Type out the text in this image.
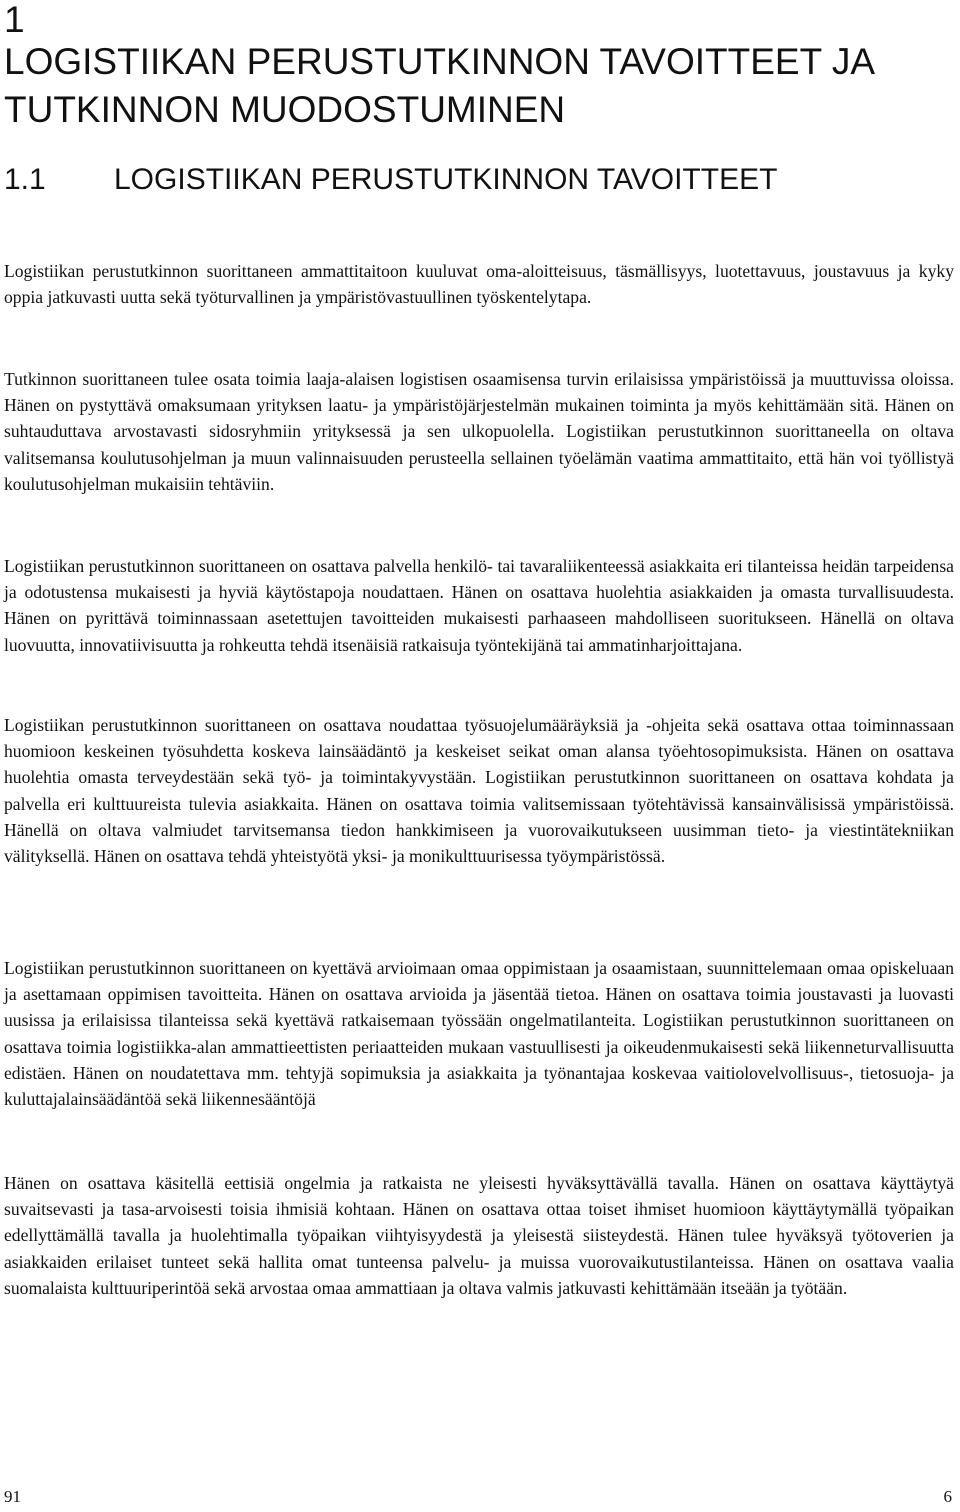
1
LOGISTIIKAN PERUSTUTKINNON TAVOITTEET JA TUTKINNON MUODOSTUMINEN
1.1 LOGISTIIKAN PERUSTUTKINNON TAVOITTEET

Logistiikan perustutkinnon suorittaneen ammattitaitoon kuuluvat oma-aloitteisuus, täsmällisyys, luotettavuus, joustavuus ja kyky oppia jatkuvasti uutta sekä työturvallinen ja ympäristövastuullinen työskentelytapa.

Tutkinnon suorittaneen tulee osata toimia laaja-alaisen logistisen osaamisensa turvin erilaisissa ympäristöissä ja muuttuvissa oloissa. Hänen on pystyttävä omaksumaan yrityksen laatu- ja ympäristöjärjestelmän mukainen toiminta ja myös kehittämään sitä. Hänen on suhtauduttava arvostavasti sidosryhmiin yrityksessä ja sen ulkopuolella. Logistiikan perustutkinnon suorittaneella on oltava valitsemansa koulutusohjelman ja muun valinnaisuuden perusteella sellainen työelämän vaatima ammattitaito, että hän voi työllistyä koulutusohjelman mukaisiin tehtäviin.

Logistiikan perustutkinnon suorittaneen on osattava palvella henkilö- tai tavaraliikenteessä asiakkaita eri tilanteissa heidän tarpeidensa ja odotustensa mukaisesti ja hyviä käytöstapoja noudattaen. Hänen on osattava huolehtia asiakkaiden ja omasta turvallisuudesta. Hänen on pyrittävä toiminnassaan asetettujen tavoitteiden mukaisesti parhaaseen mahdolliseen suoritukseen. Hänellä on oltava luovuutta, innovatiivisuutta ja rohkeutta tehdä itsenäisiä ratkaisuja työntekijänä tai ammatinharjoittajana.

Logistiikan perustutkinnon suorittaneen on osattava noudattaa työsuojelumääräyksiä ja -ohjeita sekä osattava ottaa toiminnassaan huomioon keskeinen työsuhdetta koskeva lainsäädäntö ja keskeiset seikat oman alansa työehtosopimuksista. Hänen on osattava huolehtia omasta terveydestään sekä työ- ja toimintakyvystään. Logistiikan perustutkinnon suorittaneen on osattava kohdata ja palvella eri kulttuureista tulevia asiakkaita. Hänen on osattava toimia valitsemissaan työtehtävissä kansainvälisissä ympäristöissä. Hänellä on oltava valmiudet tarvitsemansa tiedon hankkimiseen ja vuorovaikutukseen uusimman tieto- ja viestintätekniikan välityksellä. Hänen on osattava tehdä yhteistyötä yksi- ja monikulttuurisessa työympäristössä.

Logistiikan perustutkinnon suorittaneen on kyettävä arvioimaan omaa oppimistaan ja osaamistaan, suunnittelemaan omaa opiskeluaan ja asettamaan oppimisen tavoitteita. Hänen on osattava arvioida ja jäsentää tietoa. Hänen on osattava toimia joustavasti ja luovasti uusissa ja erilaisissa tilanteissa sekä kyettävä ratkaisemaan työssään ongelmatilanteita. Logistiikan perustutkinnon suorittaneen on osattava toimia logistiikka-alan ammattieettisten periaatteiden mukaan vastuullisesti ja oikeudenmukaisesti sekä liikenneturvallisuutta edistäen. Hänen on noudatettava mm. tehtyjä sopimuksia ja asiakkaita ja työnantajaa koskevaa vaitiolovelvollisuus-, tietosuoja- ja kuluttajalainsäädäntöä sekä liikennesääntöjä

Hänen on osattava käsitellä eettisiä ongelmia ja ratkaista ne yleisesti hyväksyttävällä tavalla. Hänen on osattava käyttäytyä suvaitsevasti ja tasa-arvoisesti toisia ihmisiä kohtaan. Hänen on osattava ottaa toiset ihmiset huomioon käyttäytymällä työpaikan edellyttämällä tavalla ja huolehtimalla työpaikan viihtyisyydestä ja yleisestä siisteydestä. Hänen tulee hyväksyä työtoverien ja asiakkaiden erilaiset tunteet sekä hallita omat tunteensa palvelu- ja muissa vuorovaikutustilanteissa. Hänen on osattava vaalia suomalaista kulttuuriperintöä sekä arvostaa omaa ammattiaan ja oltava valmis jatkuvasti kehittämään itseään ja työtään.

91	6
